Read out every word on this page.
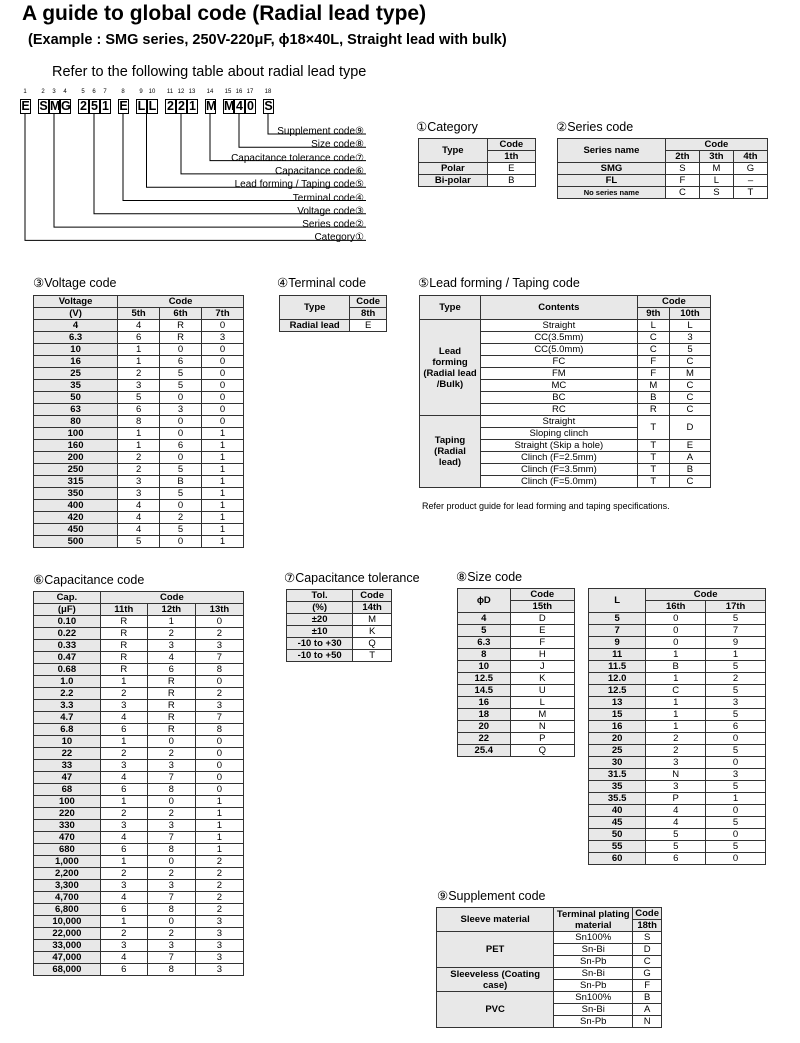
A guide to global code (Radial lead type)
(Example : SMG series, 250V-220μF, ϕ18×40L, Straight lead with bulk)
Refer to the following table about radial lead type
1	2	3	4	5	6	7	8	9 10	11 12 13 14 15 16 17 18
E S M G 2 5 1 E L L 2 2 1 M M 4 0 S
Supplement code⑨
Size code⑧
Capacitance tolerance code⑦
Capacitance code⑥
Lead forming / Taping code⑤
Terminal code④
Voltage code③
Series code②
Category①
①Category	②Series code
③Voltage code	④Terminal code	⑤Lead forming / Taping code
⑥Capacitance code	⑦Capacitance tolerance	⑧Size code
⑨Supplement code
Type	Code
	1th
Polar	E
Bi-polar	B
Series name	Code		
	2th	3th	4th
SMG	S	M	G
FL	F	L	–
No series name	C	S	T
Voltage	Code		
(V)	5th	6th	7th
4	4	R	0
6.3	6	R	3
10	1	0	0
16	1	6	0
25	2	5	0
35	3	5	0
50	5	0	0
63	6	3	0
80	8	0	0
100	1	0	1
160	1	6	1
200	2	0	1
250	2	5	1
315	3	B	1
350	3	5	1
400	4	0	1
420	4	2	1
450	4	5	1
500	5	0	1
Type	Code
	8th
Radial lead	E
Type	Contents	Code	
		9th	10th
Lead forming (Radial lead /Bulk)	Straight	L	L
	CC(3.5mm)	C	3
	CC(5.0mm)	C	5
	FC	F	C
	FM	F	M
	MC	M	C
	BC	B	C
	RC	R	C
Taping (Radial lead)	Straight	T	D
	Sloping clinch		
	Straight (Skip a hole)	T	E
	Clinch (F=2.5mm)	T	A
	Clinch (F=3.5mm)	T	B
	Clinch (F=5.0mm)	T	C
Refer product guide for lead forming and taping specifications.
Cap.	Code		
(μF)	11th	12th	13th
0.10	R	1	0
0.22	R	2	2
0.33	R	3	3
0.47	R	4	7
0.68	R	6	8
1.0	1	R	0
2.2	2	R	2
3.3	3	R	3
4.7	4	R	7
6.8	6	R	8
10	1	0	0
22	2	2	0
33	3	3	0
47	4	7	0
68	6	8	0
100	1	0	1
220	2	2	1
330	3	3	1
470	4	7	1
680	6	8	1
1,000	1	0	2
2,200	2	2	2
3,300	3	3	2
4,700	4	7	2
6,800	6	8	2
10,000	1	0	3
22,000	2	2	3
33,000	3	3	3
47,000	4	7	3
68,000	6	8	3
Tol.	Code
(%)	14th
±20	M
±10	K
-10 to +30	Q
-10 to +50	T
ϕD	Code
	15th
4	D
5	E
6.3	F
8	H
10	J
12.5	K
14.5	U
16	L
18	M
20	N
22	P
25.4	Q
L	Code	
	16th	17th
5	0	5
7	0	7
9	0	9
11	1	1
11.5	B	5
12.0	1	2
12.5	C	5
13	1	3
15	1	5
16	1	6
20	2	0
25	2	5
30	3	0
31.5	N	3
35	3	5
35.5	P	1
40	4	0
45	4	5
50	5	0
55	5	5
60	6	0
Sleeve material	Terminal plating material	Code
		18th
PET	Sn100%	S
	Sn-Bi	D
	Sn-Pb	C
Sleeveless (Coating case)	Sn-Bi	G
	Sn-Pb	F
PVC	Sn100%	B
	Sn-Bi	A
	Sn-Pb	N
